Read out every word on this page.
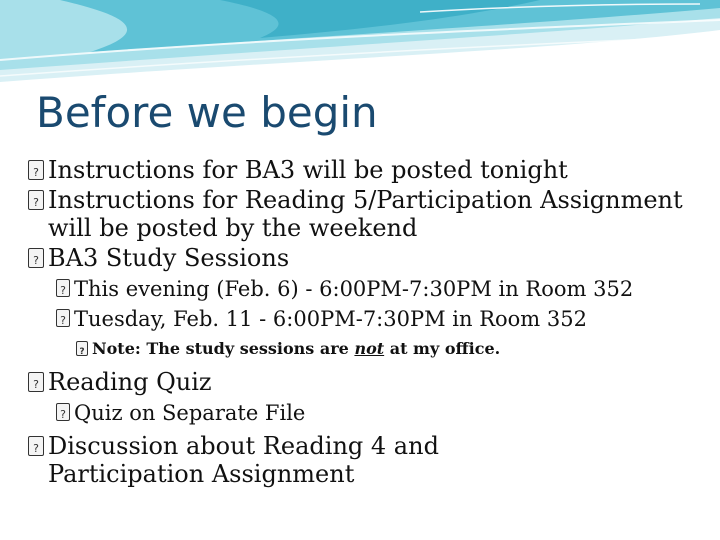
Before we begin
?
Instructions for BA3 will be posted tonight
?
Instructions for Reading 5/Participation Assignment will be posted by the weekend
?
BA3 Study Sessions
?
This evening (Feb. 6) - 6:00PM-7:30PM in Room 352
?
Tuesday, Feb. 11 - 6:00PM-7:30PM in Room 352
?
Note: The study sessions are not at my office.
?
Reading Quiz
?
Quiz on Separate File
?
Discussion about Reading 4 and Participation Assignment
